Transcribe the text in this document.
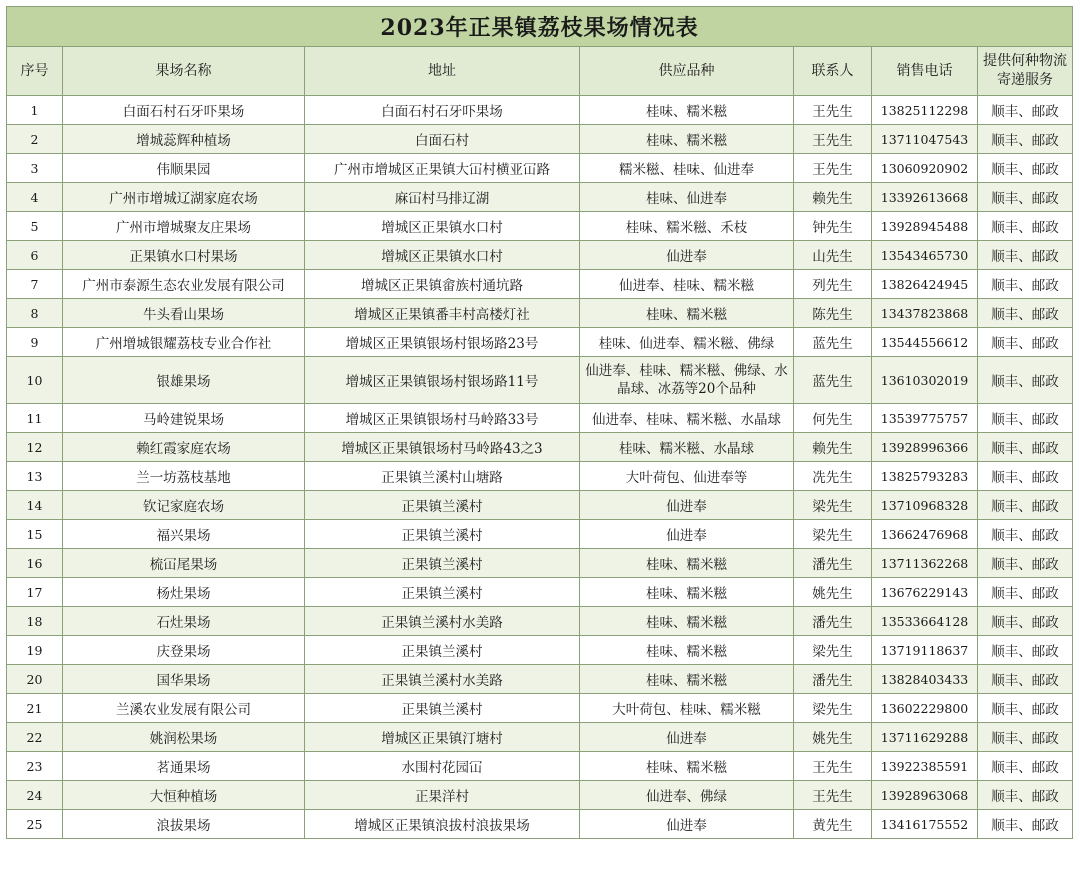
2023年正果镇荔枝果场情况表						
序号	果场名称	地址	供应品种	联系人	销售电话	提供何种物流寄递服务
1	白面石村石牙吓果场	白面石村石牙吓果场	桂味、糯米糍	王先生	13825112298	顺丰、邮政
2	增城蕊辉种植场	白面石村	桂味、糯米糍	王先生	13711047543	顺丰、邮政
3	伟顺果园	广州市增城区正果镇大冚村横亚冚路	糯米糍、桂味、仙进奉	王先生	13060920902	顺丰、邮政
4	广州市增城辽湖家庭农场	麻冚村马排辽湖	桂味、仙进奉	赖先生	13392613668	顺丰、邮政
5	广州市增城聚友庄果场	增城区正果镇水口村	桂味、糯米糍、禾枝	钟先生	13928945488	顺丰、邮政
6	正果镇水口村果场	增城区正果镇水口村	仙进奉	山先生	13543465730	顺丰、邮政
7	广州市泰源生态农业发展有限公司	增城区正果镇畲族村通坑路	仙进奉、桂味、糯米糍	列先生	13826424945	顺丰、邮政
8	牛头看山果场	增城区正果镇番丰村高楼灯社	桂味、糯米糍	陈先生	13437823868	顺丰、邮政
9	广州增城银耀荔枝专业合作社	增城区正果镇银场村银场路23号	桂味、仙进奉、糯米糍、佛绿	蓝先生	13544556612	顺丰、邮政
10	银雄果场	增城区正果镇银场村银场路11号	仙进奉、桂味、糯米糍、佛绿、水晶球、冰荔等20个品种	蓝先生	13610302019	顺丰、邮政
11	马岭建锐果场	增城区正果镇银场村马岭路33号	仙进奉、桂味、糯米糍、水晶球	何先生	13539775757	顺丰、邮政
12	赖红霞家庭农场	增城区正果镇银场村马岭路43之3	桂味、糯米糍、水晶球	赖先生	13928996366	顺丰、邮政
13	兰一坊荔枝基地	正果镇兰溪村山塘路	大叶荷包、仙进奉等	冼先生	13825793283	顺丰、邮政
14	钦记家庭农场	正果镇兰溪村	仙进奉	梁先生	13710968328	顺丰、邮政
15	福兴果场	正果镇兰溪村	仙进奉	梁先生	13662476968	顺丰、邮政
16	梳冚尾果场	正果镇兰溪村	桂味、糯米糍	潘先生	13711362268	顺丰、邮政
17	杨灶果场	正果镇兰溪村	桂味、糯米糍	姚先生	13676229143	顺丰、邮政
18	石灶果场	正果镇兰溪村水美路	桂味、糯米糍	潘先生	13533664128	顺丰、邮政
19	庆登果场	正果镇兰溪村	桂味、糯米糍	梁先生	13719118637	顺丰、邮政
20	国华果场	正果镇兰溪村水美路	桂味、糯米糍	潘先生	13828403433	顺丰、邮政
21	兰溪农业发展有限公司	正果镇兰溪村	大叶荷包、桂味、糯米糍	梁先生	13602229800	顺丰、邮政
22	姚润松果场	增城区正果镇汀塘村	仙进奉	姚先生	13711629288	顺丰、邮政
23	茗通果场	水围村花园冚	桂味、糯米糍	王先生	13922385591	顺丰、邮政
24	大恒种植场	正果洋村	仙进奉、佛绿	王先生	13928963068	顺丰、邮政
25	浪拔果场	增城区正果镇浪拔村浪拔果场	仙进奉	黄先生	13416175552	顺丰、邮政
